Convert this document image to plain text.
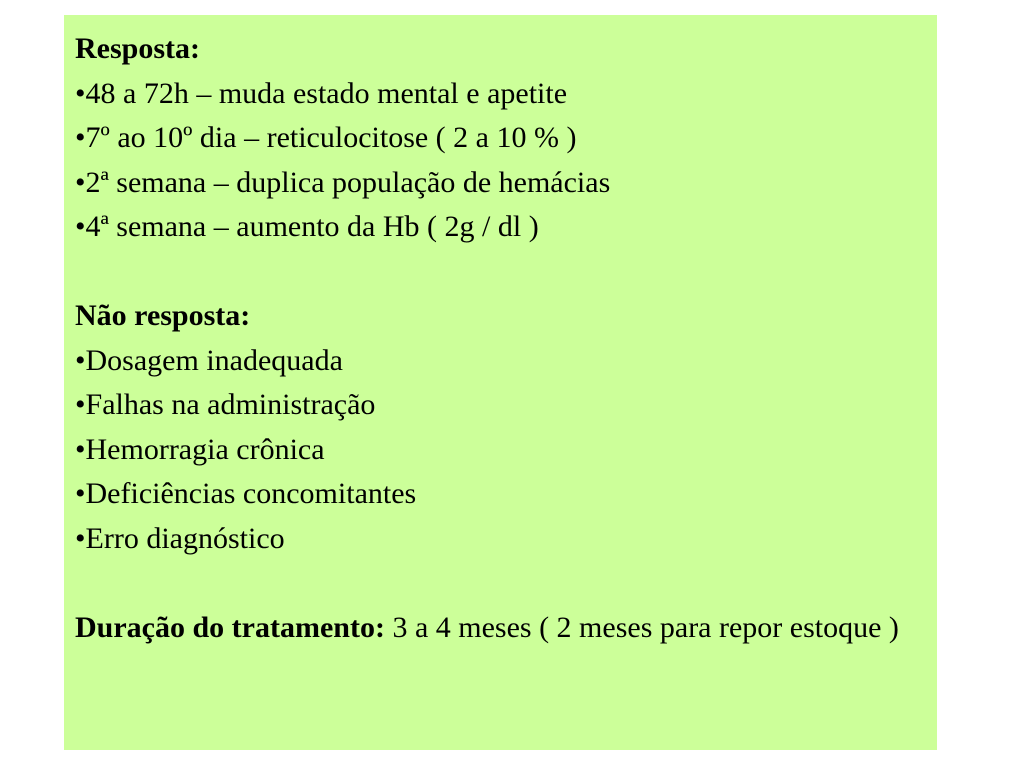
Resposta:

• 48 a 72h – muda estado mental e apetite

• 7º ao 10º dia – reticulocitose ( 2 a 10 % )

• 2ª semana – duplica população de hemácias

• 4ª semana – aumento da Hb ( 2g / dl )

Não resposta:

• Dosagem inadequada

• Falhas na administração

• Hemorragia crônica

• Deficiências concomitantes

• Erro diagnóstico

Duração do tratamento: 3 a 4 meses ( 2 meses para repor estoque )
